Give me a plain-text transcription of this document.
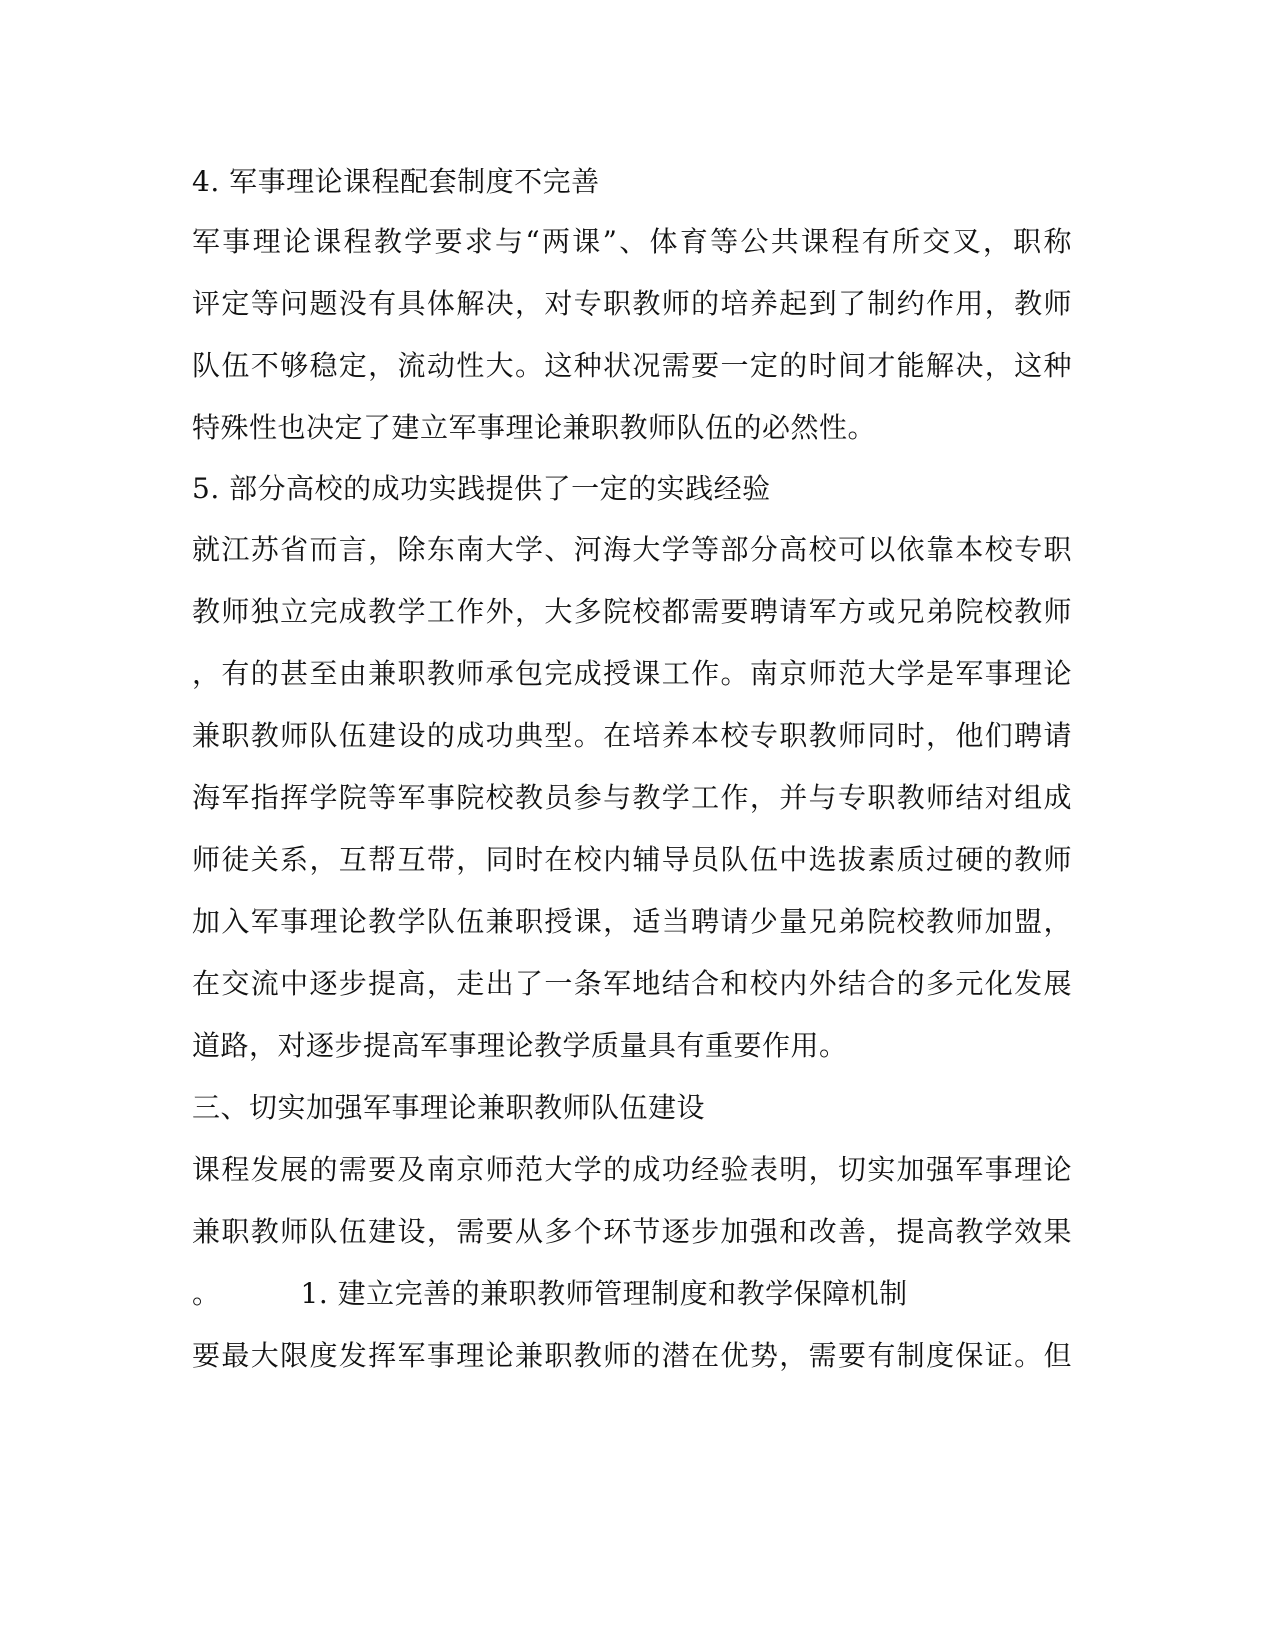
4. 军事理论课程配套制度不完善
军事理论课程教学要求与“两课”、体育等公共课程有所交叉，职称
评定等问题没有具体解决，对专职教师的培养起到了制约作用，教师
队伍不够稳定，流动性大。这种状况需要一定的时间才能解决，这种
特殊性也决定了建立军事理论兼职教师队伍的必然性。
5. 部分高校的成功实践提供了一定的实践经验
就江苏省而言，除东南大学、河海大学等部分高校可以依靠本校专职
教师独立完成教学工作外，大多院校都需要聘请军方或兄弟院校教师
，有的甚至由兼职教师承包完成授课工作。南京师范大学是军事理论
兼职教师队伍建设的成功典型。在培养本校专职教师同时，他们聘请
海军指挥学院等军事院校教员参与教学工作，并与专职教师结对组成
师徒关系，互帮互带，同时在校内辅导员队伍中选拔素质过硬的教师
加入军事理论教学队伍兼职授课，适当聘请少量兄弟院校教师加盟，
在交流中逐步提高，走出了一条军地结合和校内外结合的多元化发展
道路，对逐步提高军事理论教学质量具有重要作用。
三、切实加强军事理论兼职教师队伍建设
课程发展的需要及南京师范大学的成功经验表明，切实加强军事理论
兼职教师队伍建设，需要从多个环节逐步加强和改善，提高教学效果
。	1. 建立完善的兼职教师管理制度和教学保障机制
要最大限度发挥军事理论兼职教师的潜在优势，需要有制度保证。但
